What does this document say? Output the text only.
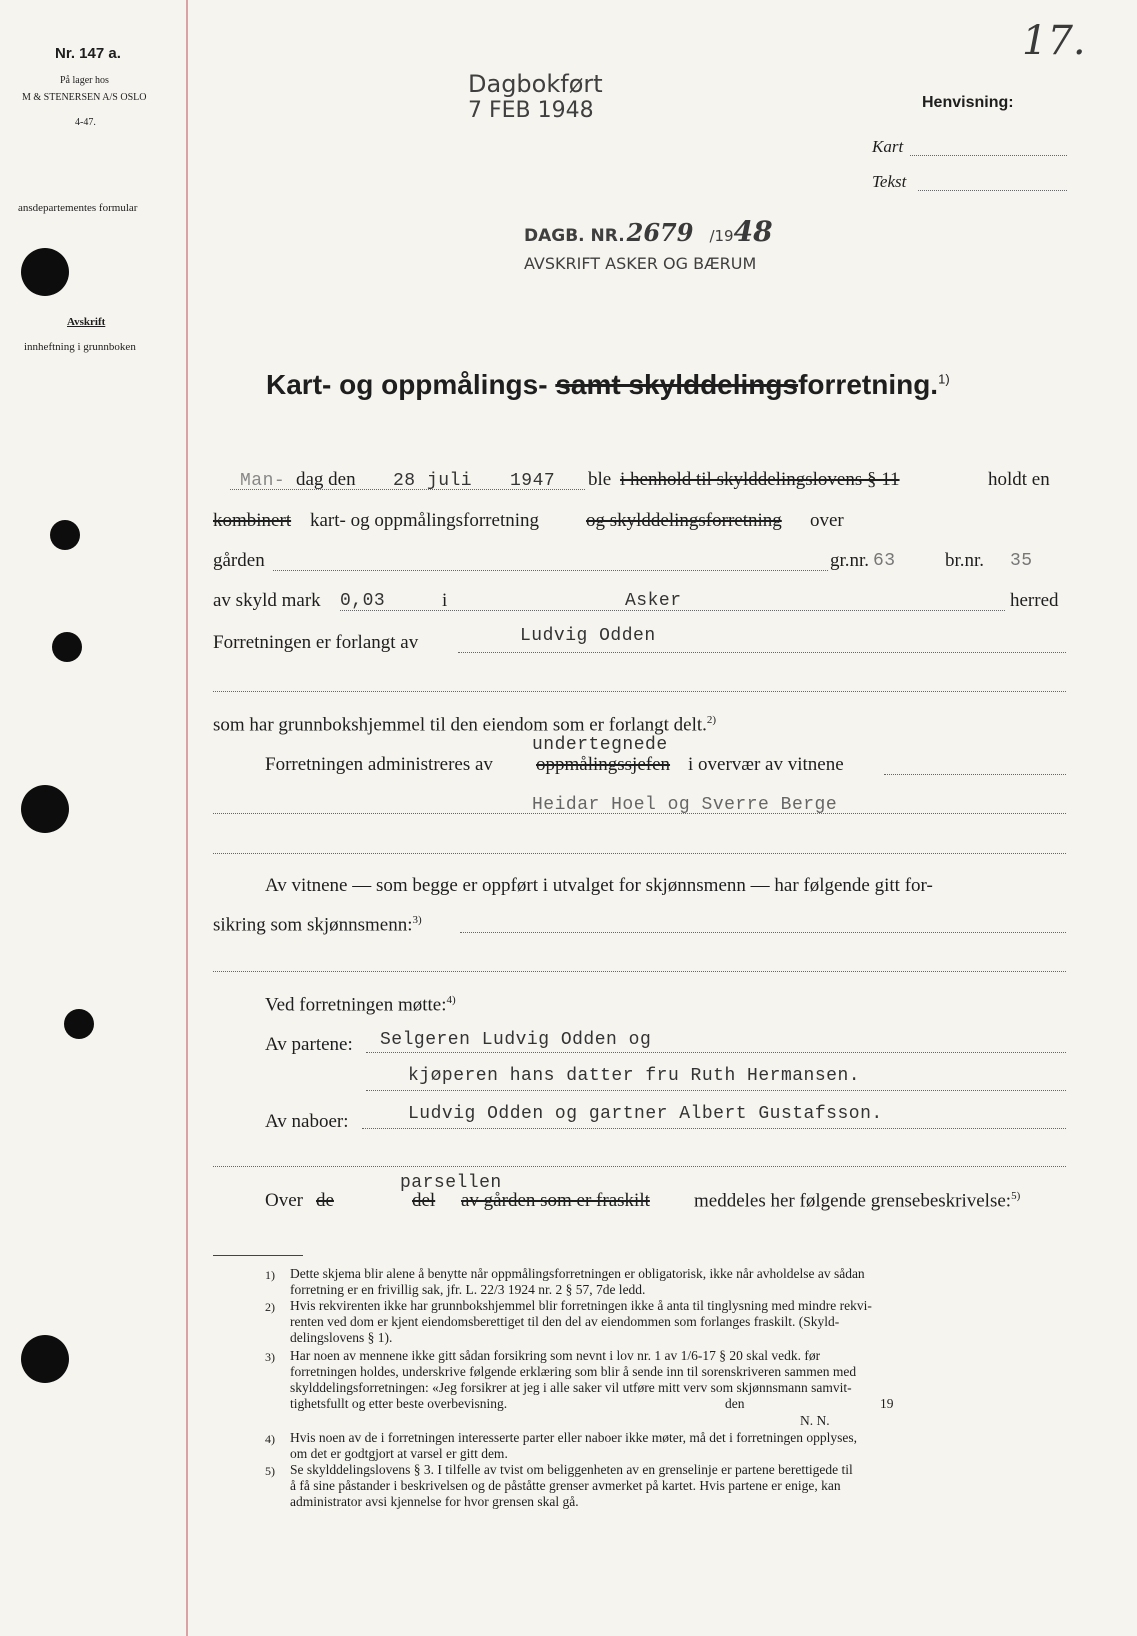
Nr. 147 a.
På lager hos
M & STENERSEN A/S OSLO
4-47.
ansdepartementes formular
Avskrift
innheftning i grunnboken
17.
Dagbokført
7 FEB 1948	Henvisning:
Kart
Tekst
DAGB. NR.2679 /1948
AVSKRIFT ASKER OG BÆRUM
Kart- og oppmålings- samt skylddelingsforretning.$^{1)}$
Man- dag den 28 juli 1947 ble i henhold til skylddelingslovens § 11	holdt en
kombinert kart- og oppmålingsforretning og skylddelingsforretning over
gården	gr.nr. 63	br.nr. 35
av skyld mark 0,03	i	Asker	herred
Forretningen er forlangt av	Ludvig Odden
som har grunnbokshjemmel til den eiendom som er forlangt delt.$^{2)}$
Forretningen administreres av
undertegnede
oppmålingssjefen i overvær av vitnene
Heidar Hoel og Sverre Berge
Av vitnene — som begge er oppført i utvalget for skjønnsmenn — har følgende gitt for-
sikring som skjønnsmenn:$^{3)}$
Ved forretningen møtte:$^{4)}$
Av partene: Selgeren Ludvig Odden og
kjøperen hans datter fru Ruth Hermansen.
Av naboer:	Ludvig Odden og gartner Albert Gustafsson.
Over de	del
parsellen
av gården som er fraskilt meddeles her følgende grensebeskrivelse:$^{5)}$
1) Dette skjema blir alene å benytte når oppmålingsforretningen er obligatorisk, ikke når avholdelse av sådan
forretning er en frivillig sak, jfr. L. 22/3 1924 nr. 2 § 57, 7de ledd.
2) Hvis rekvirenten ikke har grunnbokshjemmel blir forretningen ikke å anta til tinglysning med mindre rekvi-
renten ved dom er kjent eiendomsberettiget til den del av eiendommen som forlanges fraskilt. (Skyld-
delingslovens § 1).
3) Har noen av mennene ikke gitt sådan forsikring som nevnt i lov nr. 1 av 1/6-17 § 20 skal vedk. før
forretningen holdes, underskrive følgende erklæring som blir å sende inn til sorenskriveren sammen med
skylddelingsforretningen: «Jeg forsikrer at jeg i alle saker vil utføre mitt verv som skjønnsmann samvit-
tighetsfullt og etter beste overbevisning.	den	19
N. N.
4) Hvis noen av de i forretningen interesserte parter eller naboer ikke møter, må det i forretningen opplyses,
om det er godtgjort at varsel er gitt dem.
5) Se skylddelingslovens § 3. I tilfelle av tvist om beliggenheten av en grenselinje er partene berettigede til
å få sine påstander i beskrivelsen og de påståtte grenser avmerket på kartet. Hvis partene er enige, kan
administrator avsi kjennelse for hvor grensen skal gå.
